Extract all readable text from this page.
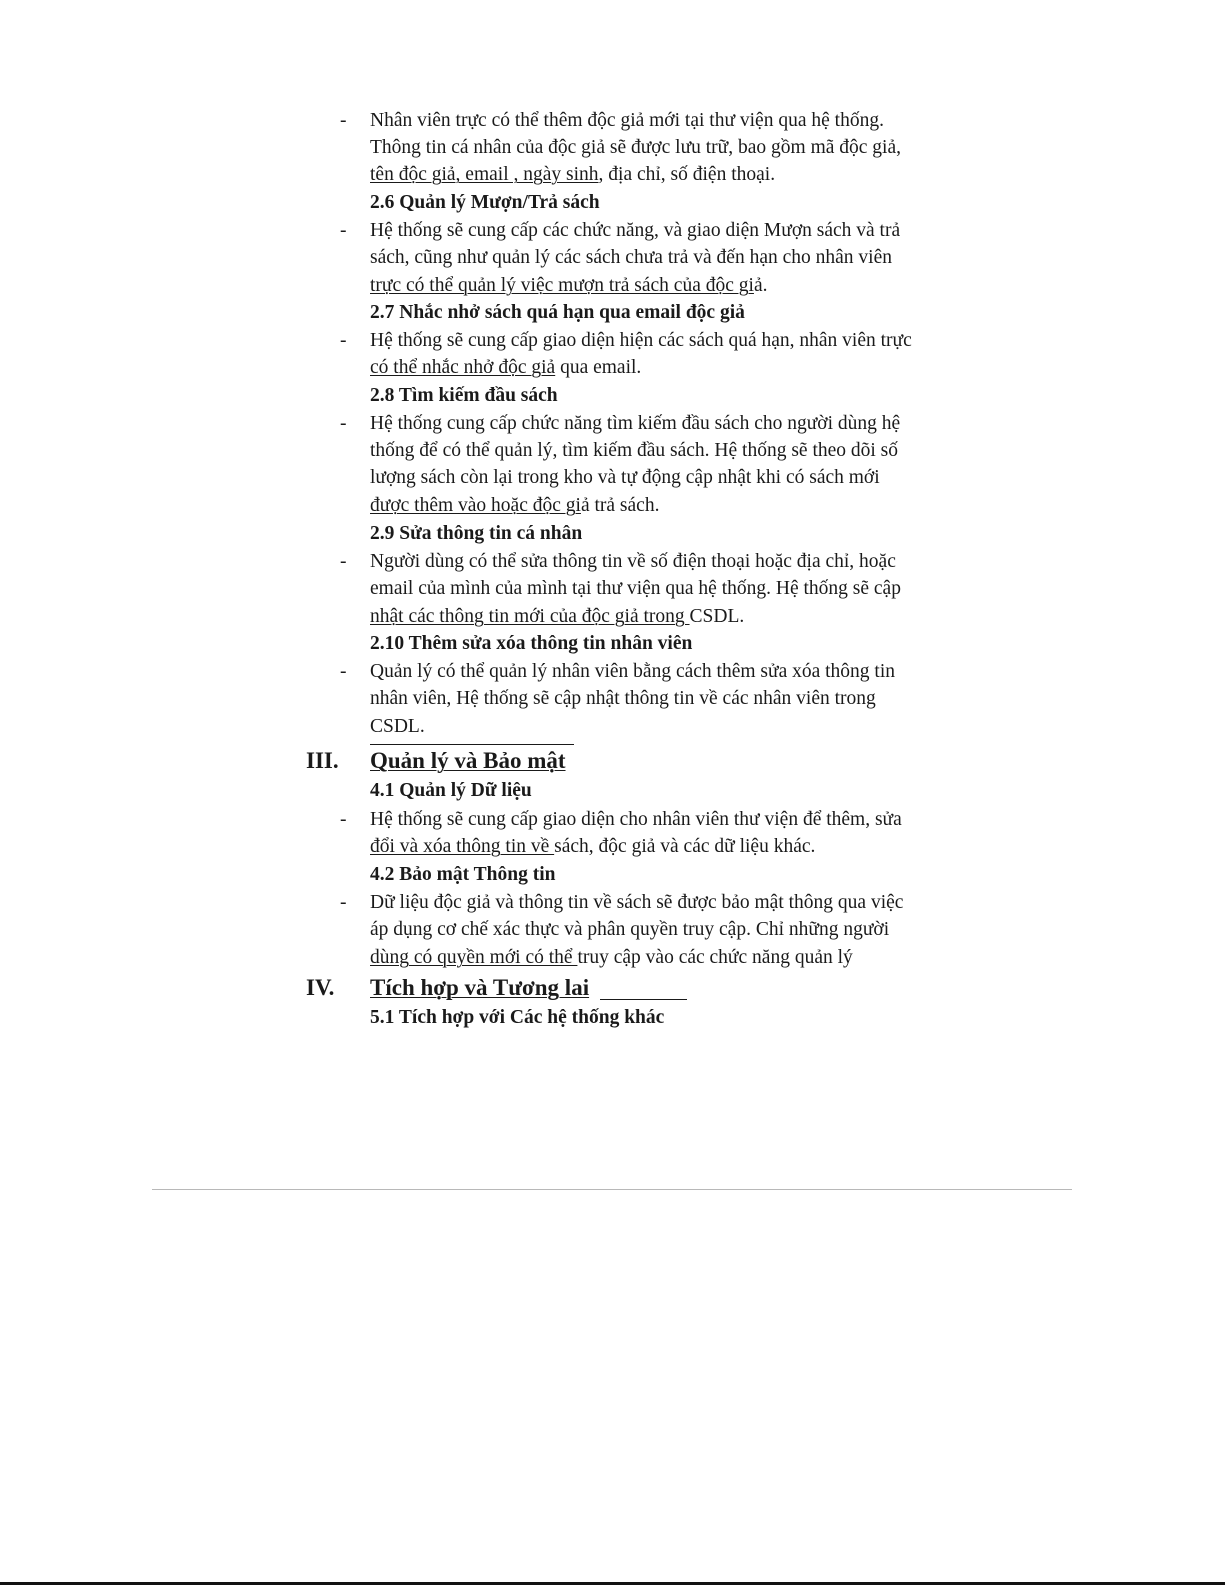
- Nhân viên trực có thể thêm độc giả mới tại thư viện qua hệ thống.
Thông tin cá nhân của độc giả sẽ được lưu trữ, bao gồm mã độc giả,
tên độc giả, email , ngày sinh, địa chỉ, số điện thoại.
2.6 Quản lý Mượn/Trả sách
- Hệ thống sẽ cung cấp các chức năng, và giao diện Mượn sách và trả
sách, cũng như quản lý các sách chưa trả và đến hạn cho nhân viên
trực có thể quản lý việc mượn trả sách của độc giả.
2.7 Nhắc nhở sách quá hạn qua email độc giả
- Hệ thống sẽ cung cấp giao diện hiện các sách quá hạn, nhân viên trực
có thể nhắc nhở độc giả qua email.
2.8 Tìm kiếm đầu sách
- Hệ thống cung cấp chức năng tìm kiếm đầu sách cho người dùng hệ
thống để có thể quản lý, tìm kiếm đầu sách. Hệ thống sẽ theo dõi số
lượng sách còn lại trong kho và tự động cập nhật khi có sách mới
được thêm vào hoặc độc giả trả sách.
2.9 Sửa thông tin cá nhân
- Người dùng có thể sửa thông tin về số điện thoại hoặc địa chỉ, hoặc
email của mình của mình tại thư viện qua hệ thống. Hệ thống sẽ cập
nhật các thông tin mới của độc giả trong CSDL.
2.10 Thêm sửa xóa thông tin nhân viên
- Quản lý có thể quản lý nhân viên bằng cách thêm sửa xóa thông tin
nhân viên, Hệ thống sẽ cập nhật thông tin về các nhân viên trong
CSDL.
III. Quản lý và Bảo mật
4.1 Quản lý Dữ liệu
- Hệ thống sẽ cung cấp giao diện cho nhân viên thư viện để thêm, sửa
đổi và xóa thông tin về sách, độc giả và các dữ liệu khác.
4.2 Bảo mật Thông tin
- Dữ liệu độc giả và thông tin về sách sẽ được bảo mật thông qua việc
áp dụng cơ chế xác thực và phân quyền truy cập. Chỉ những người
dùng có quyền mới có thể truy cập vào các chức năng quản lý
IV. Tích hợp và Tương lai
5.1 Tích hợp với Các hệ thống khác
